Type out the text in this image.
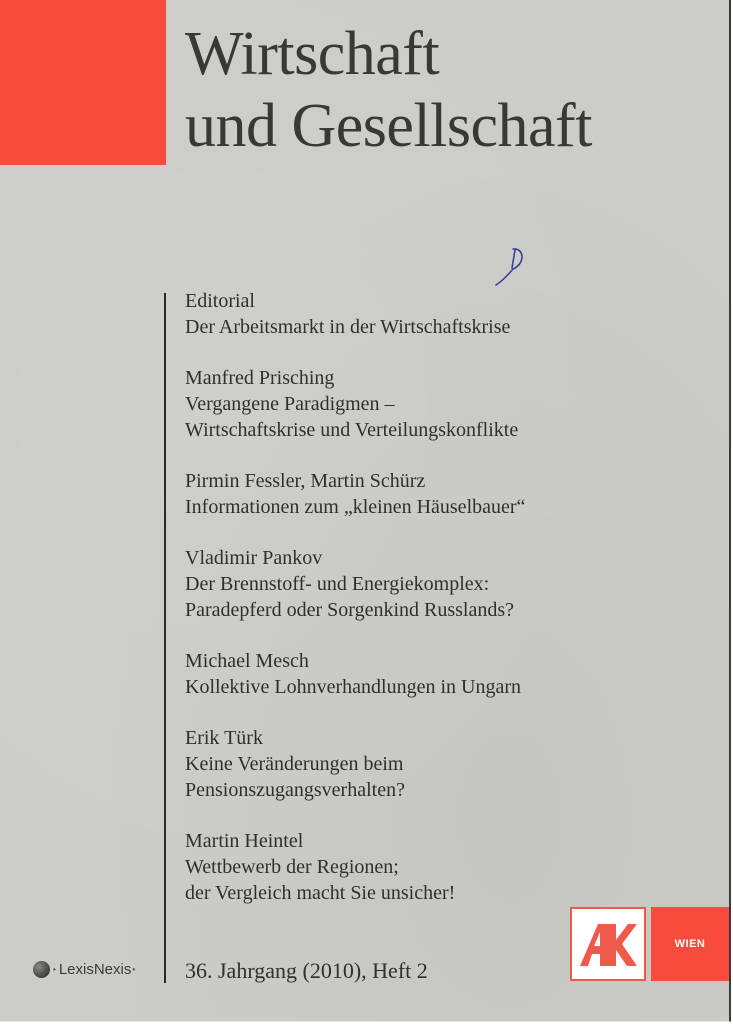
Wirtschaft
und Gesellschaft
Editorial
Der Arbeitsmarkt in der Wirtschaftskrise
Manfred Prisching
Vergangene Paradigmen –
Wirtschaftskrise und Verteilungskonflikte
Pirmin Fessler, Martin Schürz
Informationen zum „kleinen Häuselbauer“
Vladimir Pankov
Der Brennstoff- und Energiekomplex:
Paradepferd oder Sorgenkind Russlands?
Michael Mesch
Kollektive Lohnverhandlungen in Ungarn
Erik Türk
Keine Veränderungen beim
Pensionszugangsverhalten?
Martin Heintel
Wettbewerb der Regionen;
der Vergleich macht Sie unsicher!
• LexisNexis • 36. Jahrgang (2010), Heft 2
WIEN
